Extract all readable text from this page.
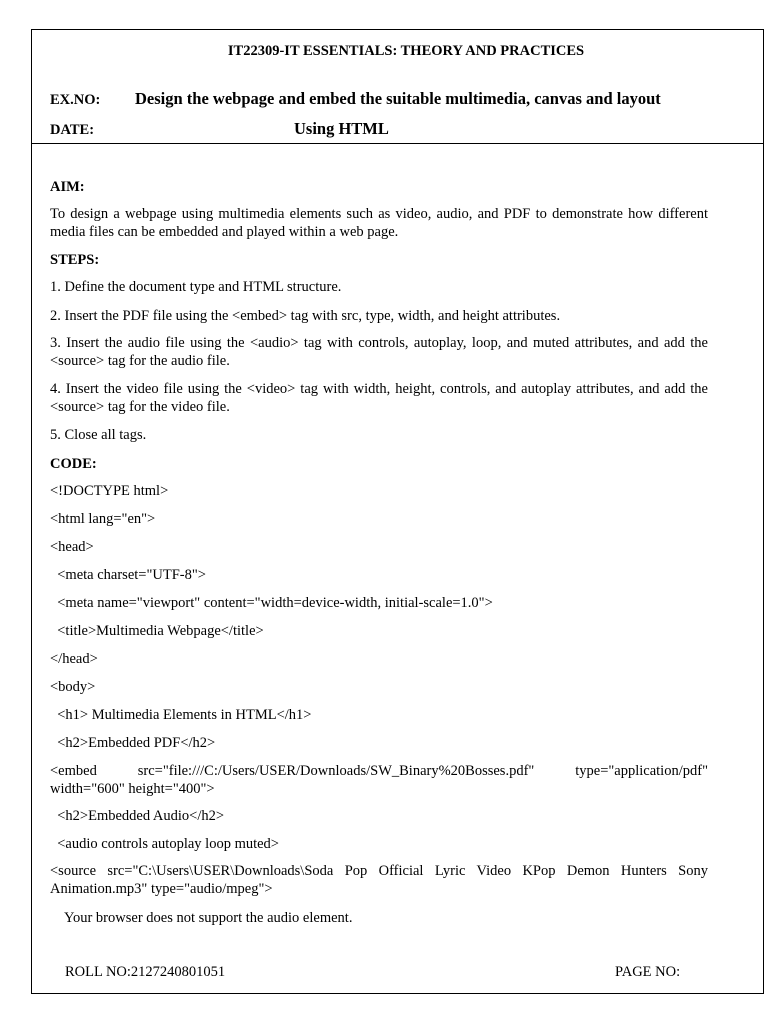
IT22309-IT ESSENTIALS: THEORY AND PRACTICES
EX.NO: Design the webpage and embed the suitable multimedia, canvas and layout
DATE:	Using HTML
AIM:
To design a webpage using multimedia elements such as video, audio, and PDF to demonstrate how different media files can be embedded and played within a web page.
STEPS:
1. Define the document type and HTML structure.
2. Insert the PDF file using the <embed> tag with src, type, width, and height attributes.
3. Insert the audio file using the <audio> tag with controls, autoplay, loop, and muted attributes, and add the <source> tag for the audio file.
4. Insert the video file using the <video> tag with width, height, controls, and autoplay attributes, and add the <source> tag for the video file.
5. Close all tags.
CODE:
<!DOCTYPE html>
<html lang="en">
<head>
<meta charset="UTF-8">
<meta name="viewport" content="width=device-width, initial-scale=1.0">
<title>Multimedia Webpage</title>
</head>
<body>
<h1> Multimedia Elements in HTML</h1>
<h2>Embedded PDF</h2>
<embed src="file:///C:/Users/USER/Downloads/SW_Binary%20Bosses.pdf" type="application/pdf" width="600" height="400">
<h2>Embedded Audio</h2>
<audio controls autoplay loop muted>
<source src="C:\Users\USER\Downloads\Soda Pop Official Lyric Video KPop Demon Hunters Sony Animation.mp3" type="audio/mpeg">
Your browser does not support the audio element.
ROLL NO:2127240801051	PAGE NO:
